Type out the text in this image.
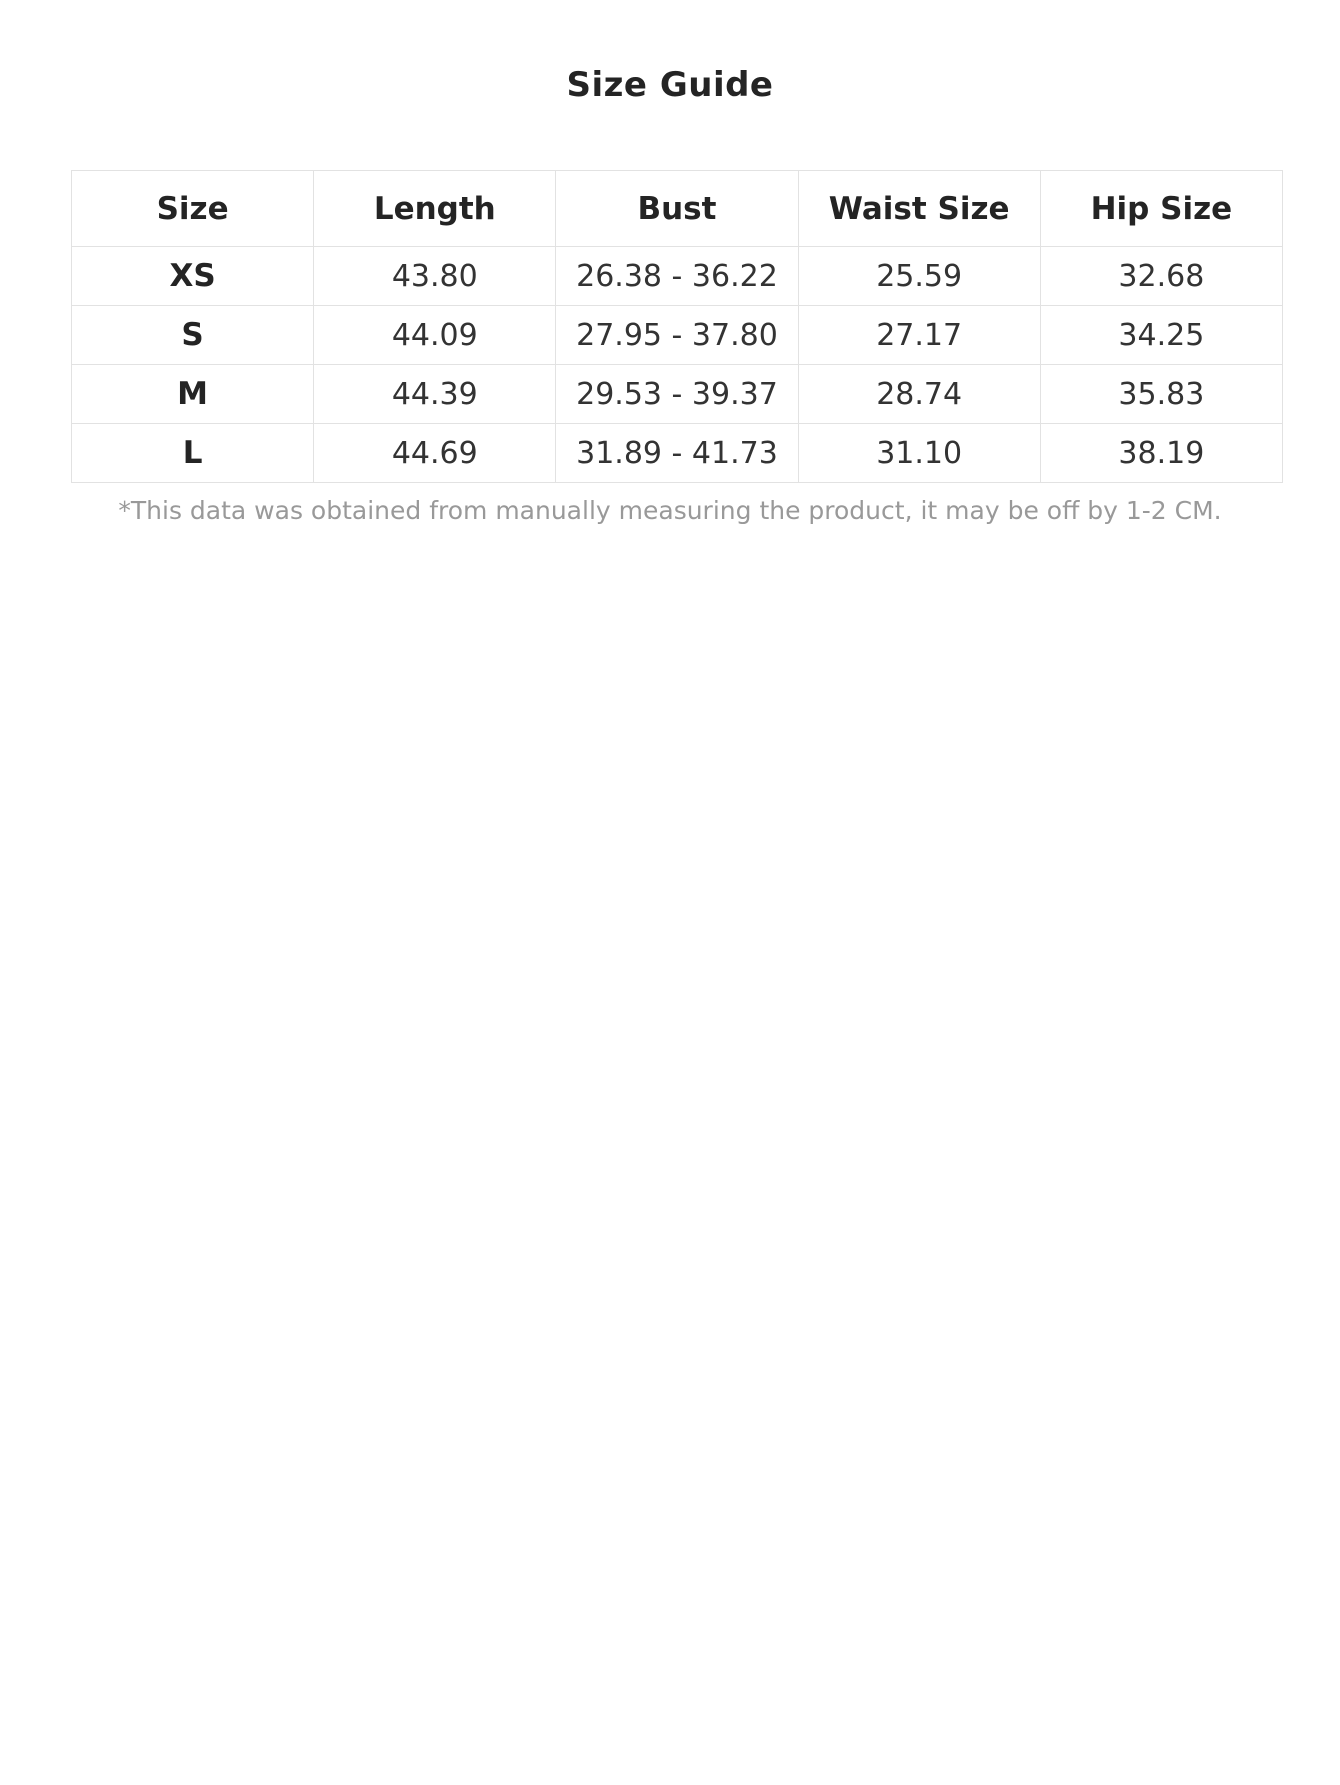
Size Guide
Size	Length	Bust	Waist Size	Hip Size
XS	43.80	26.38 - 36.22	25.59	32.68
S	44.09	27.95 - 37.80	27.17	34.25
M	44.39	29.53 - 39.37	28.74	35.83
L	44.69	31.89 - 41.73	31.10	38.19

*This data was obtained from manually measuring the product, it may be off by 1-2 CM.
